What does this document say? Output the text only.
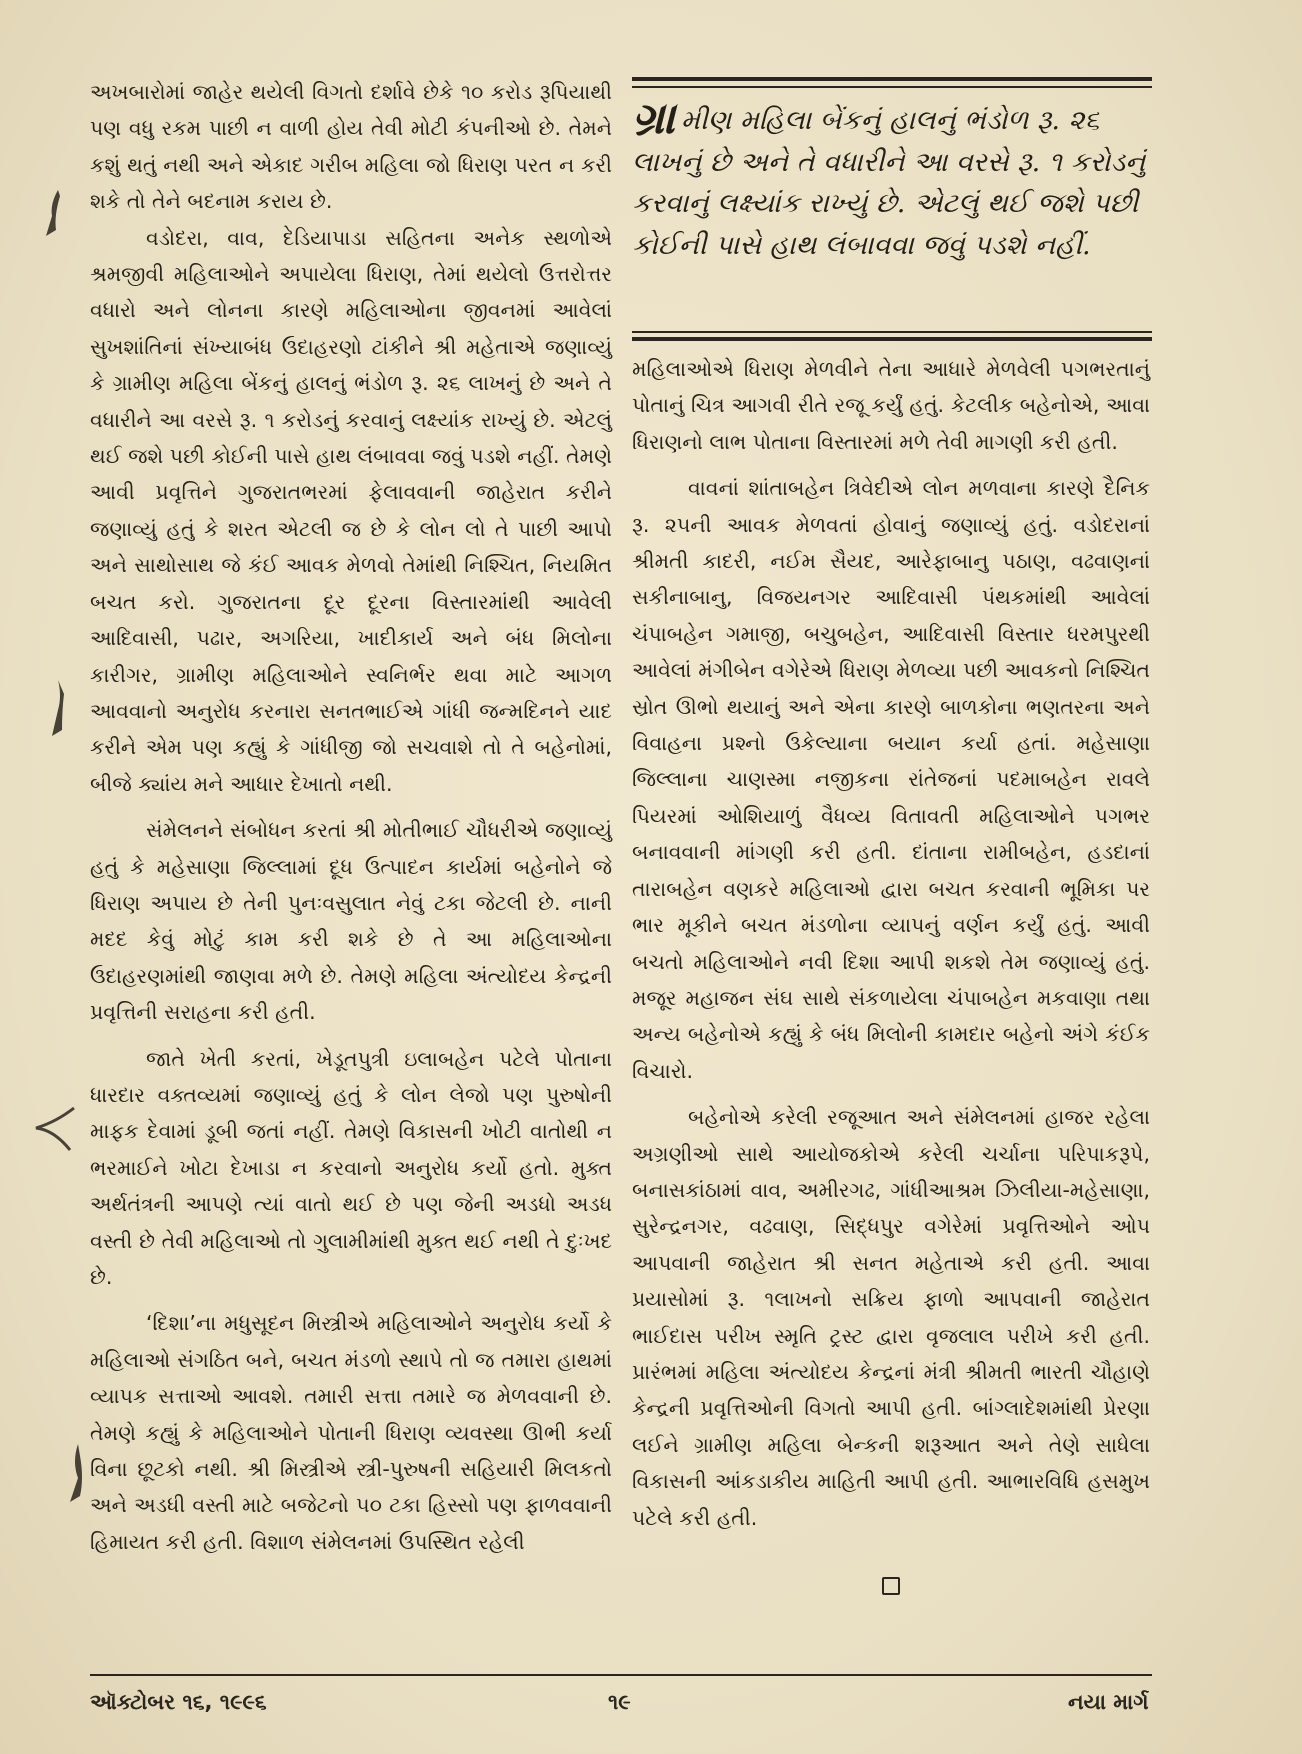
અખબારોમાં જાહેર થયેલી વિગતો દર્શાવે છેકે ૧૦ કરોડ રૂપિયાથી પણ વધુ રકમ પાછી ન વાળી હોય તેવી મોટી કંપનીઓ છે. તેમને કશું થતું નથી અને એકાદ ગરીબ મહિલા જો ધિરાણ પરત ન કરી શકે તો તેને બદનામ કરાય છે.

વડોદરા, વાવ, દેડિયાપાડા સહિતના અનેક સ્થળોએ શ્રમજીવી મહિલાઓને અપાયેલા ધિરાણ, તેમાં થયેલો ઉત્તરોત્તર વધારો અને લોનના કારણે મહિલાઓના જીવનમાં આવેલાં સુખશાંતિનાં સંખ્યાબંધ ઉદાહરણો ટાંકીને શ્રી મહેતાએ જણાવ્યું કે ગ્રામીણ મહિલા બેંકનું હાલનું ભંડોળ રૂ. ૨૬ લાખનું છે અને તે વધારીને આ વરસે રૂ. ૧ કરોડનું કરવાનું લક્ષ્યાંક રાખ્યું છે. એટલું થઈ જશે પછી કોઈની પાસે હાથ લંબાવવા જવું પડશે નહીં. તેમણે આવી પ્રવૃત્તિને ગુજરાતભરમાં ફેલાવવાની જાહેરાત કરીને જણાવ્યું હતું કે શરત એટલી જ છે કે લોન લો તે પાછી આપો અને સાથોસાથ જે કંઈ આવક મેળવો તેમાંથી નિશ્ચિત, નિયમિત બચત કરો. ગુજરાતના દૂર દૂરના વિસ્તારમાંથી આવેલી આદિવાસી, પઢાર, અગરિયા, ખાદીકાર્ય અને બંધ મિલોના કારીગર, ગ્રામીણ મહિલાઓને સ્વનિર્ભર થવા માટે આગળ આવવાનો અનુરોધ કરનારા સનતભાઈએ ગાંધી જન્મદિનને યાદ કરીને એમ પણ કહ્યું કે ગાંધીજી જો સચવાશે તો તે બહેનોમાં, બીજે ક્યાંય મને આધાર દેખાતો નથી.

સંમેલનને સંબોધન કરતાં શ્રી મોતીભાઈ ચૌધરીએ જણાવ્યું હતું કે મહેસાણા જિલ્લામાં દૂધ ઉત્પાદન કાર્યમાં બહેનોને જે ધિરાણ અપાય છે તેની પુનઃવસુલાત નેવું ટકા જેટલી છે. નાની મદદ કેવું મોટું કામ કરી શકે છે તે આ મહિલાઓના ઉદાહરણમાંથી જાણવા મળે છે. તેમણે મહિલા અંત્યોદય કેન્દ્રની પ્રવૃત્તિની સરાહના કરી હતી.

જાતે ખેતી કરતાં, ખેડૂતપુત્રી ઇલાબહેન પટેલે પોતાના ધારદાર વક્તવ્યમાં જણાવ્યું હતું કે લોન લેજો પણ પુરુષોની માફક દેવામાં ડૂબી જતાં નહીં. તેમણે વિકાસની ખોટી વાતોથી ન ભરમાઈને ખોટા દેખાડા ન કરવાનો અનુરોધ કર્યો હતો. મુક્ત અર્થતંત્રની આપણે ત્યાં વાતો થઈ છે પણ જેની અડધો અડધ વસ્તી છે તેવી મહિલાઓ તો ગુલામીમાંથી મુક્ત થઈ નથી તે દુઃખદ છે.

‘દિશા’ના મધુસૂદન મિસ્ત્રીએ મહિલાઓને અનુરોધ કર્યો કે મહિલાઓ સંગઠિત બને, બચત મંડળો સ્થાપે તો જ તમારા હાથમાં વ્યાપક સત્તાઓ આવશે. તમારી સત્તા તમારે જ મેળવવાની છે. તેમણે કહ્યું કે મહિલાઓને પોતાની ધિરાણ વ્યવસ્થા ઊભી કર્યા વિના છૂટકો નથી. શ્રી મિસ્ત્રીએ સ્ત્રી-પુરુષની સહિયારી મિલકતો અને અડધી વસ્તી માટે બજેટનો ૫૦ ટકા હિસ્સો પણ ફાળવવાની હિમાયત કરી હતી. વિશાળ સંમેલનમાં ઉપસ્થિત રહેલી

ગ્રા મીણ મહિલા બેંકનું હાલનું ભંડોળ રૂ. ૨૬ લાખનું છે અને તે વધારીને આ વરસે રૂ. ૧ કરોડનું કરવાનું લક્ષ્યાંક રાખ્યું છે. એટલું થઈ જશે પછી કોઈની પાસે હાથ લંબાવવા જવું પડશે નહીં.

મહિલાઓએ ધિરાણ મેળવીને તેના આધારે મેળવેલી પગભરતાનું પોતાનું ચિત્ર આગવી રીતે રજૂ કર્યું હતું. કેટલીક બહેનોએ, આવા ધિરાણનો લાભ પોતાના વિસ્તારમાં મળે તેવી માગણી કરી હતી.

વાવનાં શાંતાબહેન ત્રિવેદીએ લોન મળવાના કારણે દૈનિક રૂ. ૨૫ની આવક મેળવતાં હોવાનું જણાવ્યું હતું. વડોદરાનાં શ્રીમતી કાદરી, નઈમ સૈયદ, આરેફાબાનુ પઠાણ, વઢવાણનાં સકીનાબાનુ, વિજયનગર આદિવાસી પંથકમાંથી આવેલાં ચંપાબહેન ગમાજી, બચુબહેન, આદિવાસી વિસ્તાર ધરમપુરથી આવેલાં મંગીબેન વગેરેએ ધિરાણ મેળવ્યા પછી આવકનો નિશ્ચિત સ્રોત ઊભો થયાનું અને એના કારણે બાળકોના ભણતરના અને વિવાહના પ્રશ્નો ઉકેલ્યાના બયાન કર્યા હતાં. મહેસાણા જિલ્લાના ચાણસ્મા નજીકના રાંતેજનાં પદમાબહેન રાવલે પિયરમાં ઓશિયાળું વૈધવ્ય વિતાવતી મહિલાઓને પગભર બનાવવાની માંગણી કરી હતી. દાંતાના રામીબહેન, હડદાનાં તારાબહેન વણકરે મહિલાઓ દ્વારા બચત કરવાની ભૂમિકા પર ભાર મૂકીને બચત મંડળોના વ્યાપનું વર્ણન કર્યું હતું. આવી બચતો મહિલાઓને નવી દિશા આપી શકશે તેમ જણાવ્યું હતું. મજૂર મહાજન સંઘ સાથે સંકળાયેલા ચંપાબહેન મકવાણા તથા અન્ય બહેનોએ કહ્યું કે બંધ મિલોની કામદાર બહેનો અંગે કંઈક વિચારો.

બહેનોએ કરેલી રજૂઆત અને સંમેલનમાં હાજર રહેલા અગ્રણીઓ સાથે આયોજકોએ કરેલી ચર્ચાના પરિપાકરૂપે, બનાસકાંઠામાં વાવ, અમીરગઢ, ગાંધીઆશ્રમ ઝિલીયા-મહેસાણા, સુરેન્દ્રનગર, વઢવાણ, સિદ્ધપુર વગેરેમાં પ્રવૃત્તિઓને ઓપ આપવાની જાહેરાત શ્રી સનત મહેતાએ કરી હતી. આવા પ્રયાસોમાં રૂ. ૧લાખનો સક્રિય ફાળો આપવાની જાહેરાત ભાઈદાસ પરીખ સ્મૃતિ ટ્રસ્ટ દ્વારા વૃજલાલ પરીખે કરી હતી. પ્રારંભમાં મહિલા અંત્યોદય કેન્દ્રનાં મંત્રી શ્રીમતી ભારતી ચૌહાણે કેન્દ્રની પ્રવૃત્તિઓની વિગતો આપી હતી. બાંગ્લાદેશમાંથી પ્રેરણા લઈને ગ્રામીણ મહિલા બેન્કની શરૂઆત અને તેણે સાધેલા વિકાસની આંકડાકીય માહિતી આપી હતી. આભારવિધિ હસમુખ પટેલે કરી હતી.

ઑક્ટોબર ૧૬, ૧૯૯૬	૧૯	નયા માર્ગ
